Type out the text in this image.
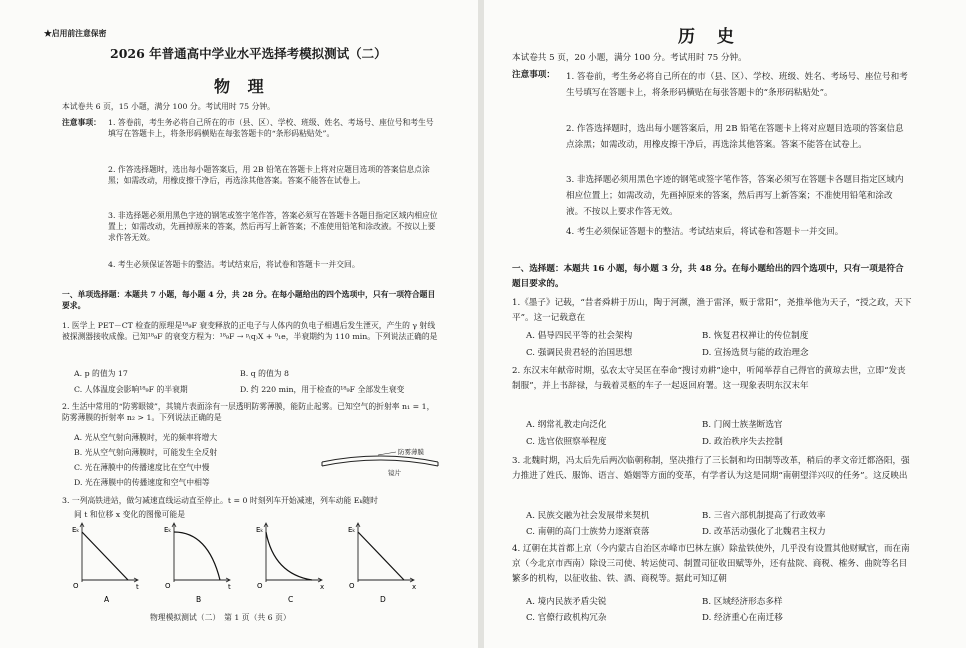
★启用前注意保密
2026 年普通高中学业水平选择考模拟测试（二）
物 理
本试卷共 6 页，15 小题，满分 100 分。考试用时 75 分钟。
注意事项： 1. 答卷前，考生务必将自己所在的市（县、区）、学校、班级、姓名、考场号、座位号和考生号填写在答题卡上，将条形码横贴在每张答题卡的“条形码粘贴处”。
2. 作答选择题时，选出每小题答案后，用 2B 铅笔在答题卡上将对应题目选项的答案信息点涂黑；如需改动，用橡皮擦干净后，再选涂其他答案。答案不能答在试卷上。
3. 非选择题必须用黑色字迹的钢笔或签字笔作答，答案必须写在答题卡各题目指定区域内相应位置上；如需改动，先画掉原来的答案，然后再写上新答案；不准使用铅笔和涂改液。不按以上要求作答无效。
4. 考生必须保证答题卡的整洁。考试结束后，将试卷和答题卡一并交回。
一、单项选择题：本题共 7 小题，每小题 4 分，共 28 分。在每小题给出的四个选项中，只有一项符合题目要求。
1. 医学上 PET－CT 检查的原理是¹⁸₉F 衰变释放的正电子与人体内的负电子相遇后发生湮灭，产生的 γ 射线被探测器接收成像。已知¹⁸₉F 的衰变方程为：¹⁸₉F → ᵖ₍q₎X + ⁰₁e，半衰期约为 110 min。下列说法正确的是
A. p 的值为 17	B. q 的值为 8
C. 人体温度会影响¹⁸₉F 的半衰期	D. 约 220 min，用于检查的¹⁸₉F 全部发生衰变
2. 生活中常用的“防雾眼镜”，其镜片表面涂有一层透明防雾薄膜，能防止起雾。已知空气的折射率 n₁ = 1，防雾薄膜的折射率 n₂ > 1。下列说法正确的是
A. 光从空气射向薄膜时，光的频率将增大
B. 光从空气射向薄膜时，可能发生全反射
C. 光在薄膜中的传播速度比在空气中慢
D. 光在薄膜中的传播速度和空气中相等
防雾薄膜
镜片
3. 一列高铁进站，做匀减速直线运动直至停止。t = 0 时刻列车开始减速，列车动能 Eₖ随时
间 t 和位移 x 变化的图像可能是
Eₖ
O	t
A
Eₖ
O	t
B
Eₖ
O	x
C
Eₖ
O	x
D
物理模拟测试（二）　第 1 页（共 6 页）
历 史
本试卷共 5 页，20 小题，满分 100 分。考试用时 75 分钟。
注意事项： 1. 答卷前，考生务必将自己所在的市（县、区）、学校、班级、姓名、考场号、座位号和考生号填写在答题卡上，将条形码横贴在每张答题卡的“条形码粘贴处”。
2. 作答选择题时，选出每小题答案后，用 2B 铅笔在答题卡上将对应题目选项的答案信息点涂黑；如需改动，用橡皮擦干净后，再选涂其他答案。答案不能答在试卷上。
3. 非选择题必须用黑色字迹的钢笔或签字笔作答，答案必须写在答题卡各题目指定区域内相应位置上；如需改动，先画掉原来的答案，然后再写上新答案；不准使用铅笔和涂改液。不按以上要求作答无效。
4. 考生必须保证答题卡的整洁。考试结束后，将试卷和答题卡一并交回。
一、选择题：本题共 16 小题，每小题 3 分，共 48 分。在每小题给出的四个选项中，只有一项是符合题目要求的。
1.《墨子》记载，“昔者舜耕于历山，陶于河濒，渔于雷泽，贩于常阳”，尧推举他为天子，“授之政，天下平”。这一记载意在
A. 倡导四民平等的社会架构	B. 恢复君权禅让的传位制度
C. 强调民贵君轻的治国思想	D. 宣扬选贤与能的政治理念
2. 东汉末年献帝时期，弘农太守吴匡在奉命“搜讨劝耕”途中，听闻举荐自己得官的黄琼去世，立即“发丧制服”，并上书辞禄，与载着灵柩的车子一起返回府署。这一现象表明东汉末年
A. 纲常礼教走向泛化	B. 门阀士族垄断选官
C. 选官依照察举程度	D. 政治秩序失去控制
3. 北魏时期，冯太后先后两次临朝称制，坚决推行了三长制和均田制等改革，稍后的孝文帝迁都洛阳，强力推进了姓氏、服饰、语言、婚姻等方面的变革，有学者认为这是同期“南朝望洋兴叹的任务”。这反映出
A. 民族交融为社会发展带来契机	B. 三省六部机制提高了行政效率
C. 南朝的高门士族势力逐渐衰落	D. 改革活动强化了北魏君主权力
4. 辽朝在其首都上京（今内蒙古自治区赤峰市巴林左旗）除盐铁使外，几乎没有设置其他财赋官，而在南京（今北京市西南）除设三司使、转运使司、制置司征收田赋等外，还有盐院、商税、榷务、曲院等名目繁多的机构，以征收盐、铁、酒、商税等。据此可知辽朝
A. 境内民族矛盾尖锐	B. 区域经济形态多样
C. 官僚行政机构冗杂	D. 经济重心在南迁移
